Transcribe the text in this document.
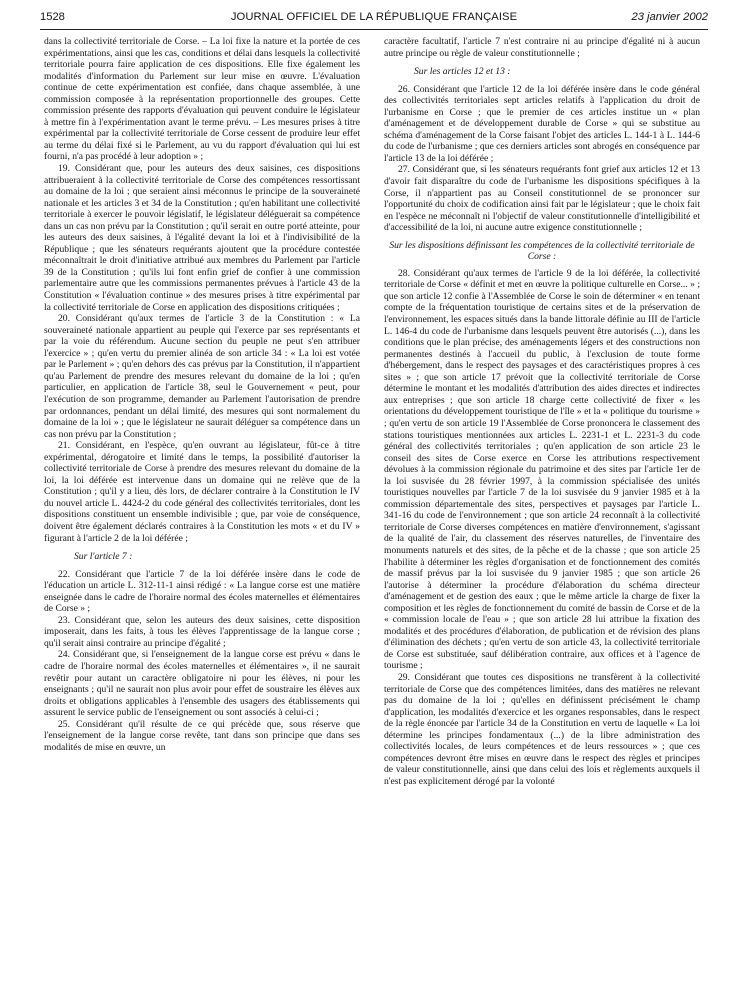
1528	JOURNAL OFFICIEL DE LA RÉPUBLIQUE FRANÇAISE	23 janvier 2002

dans la collectivité territoriale de Corse. – La loi fixe la nature et la portée de ces expérimentations, ainsi que les cas, conditions et délai dans lesquels la collectivité territoriale pourra faire application de ces dispositions. Elle fixe également les modalités d'information du Parlement sur leur mise en œuvre. L'évaluation continue de cette expérimentation est confiée, dans chaque assemblée, à une commission composée à la représentation proportionnelle des groupes. Cette commission présente des rapports d'évaluation qui peuvent conduire le législateur à mettre fin à l'expérimentation avant le terme prévu. – Les mesures prises à titre expérimental par la collectivité territoriale de Corse cessent de produire leur effet au terme du délai fixé si le Parlement, au vu du rapport d'évaluation qui lui est fourni, n'a pas procédé à leur adoption » ;

19. Considérant que, pour les auteurs des deux saisines, ces dispositions attribueraient à la collectivité territoriale de Corse des compétences ressortissant au domaine de la loi ; que seraient ainsi méconnus le principe de la souveraineté nationale et les articles 3 et 34 de la Constitution ; qu'en habilitant une collectivité territoriale à exercer le pouvoir législatif, le législateur déléguerait sa compétence dans un cas non prévu par la Constitution ; qu'il serait en outre porté atteinte, pour les auteurs des deux saisines, à l'égalité devant la loi et à l'indivisibilité de la République ; que les sénateurs requérants ajoutent que la procédure contestée méconnaîtrait le droit d'initiative attribué aux membres du Parlement par l'article 39 de la Constitution ; qu'ils lui font enfin grief de confier à une commission parlementaire autre que les commissions permanentes prévues à l'article 43 de la Constitution « l'évaluation continue » des mesures prises à titre expérimental par la collectivité territoriale de Corse en application des dispositions critiquées ;

20. Considérant qu'aux termes de l'article 3 de la Constitution : « La souveraineté nationale appartient au peuple qui l'exerce par ses représentants et par la voie du référendum. Aucune section du peuple ne peut s'en attribuer l'exercice » ; qu'en vertu du premier alinéa de son article 34 : « La loi est votée par le Parlement » ; qu'en dehors des cas prévus par la Constitution, il n'appartient qu'au Parlement de prendre des mesures relevant du domaine de la loi ; qu'en particulier, en application de l'article 38, seul le Gouvernement « peut, pour l'exécution de son programme, demander au Parlement l'autorisation de prendre par ordonnances, pendant un délai limité, des mesures qui sont normalement du domaine de la loi » ; que le législateur ne saurait déléguer sa compétence dans un cas non prévu par la Constitution ;

21. Considérant, en l'espèce, qu'en ouvrant au législateur, fût-ce à titre expérimental, dérogatoire et limité dans le temps, la possibilité d'autoriser la collectivité territoriale de Corse à prendre des mesures relevant du domaine de la loi, la loi déférée est intervenue dans un domaine qui ne relève que de la Constitution ; qu'il y a lieu, dès lors, de déclarer contraire à la Constitution le IV du nouvel article L. 4424-2 du code général des collectivités territoriales, dont les dispositions constituent un ensemble indivisible ; que, par voie de conséquence, doivent être également déclarés contraires à la Constitution les mots « et du IV » figurant à l'article 2 de la loi déférée ;

Sur l'article 7 :

22. Considérant que l'article 7 de la loi déférée insère dans le code de l'éducation un article L. 312-11-1 ainsi rédigé : « La langue corse est une matière enseignée dans le cadre de l'horaire normal des écoles maternelles et élémentaires de Corse » ;

23. Considérant que, selon les auteurs des deux saisines, cette disposition imposerait, dans les faits, à tous les élèves l'apprentissage de la langue corse ; qu'il serait ainsi contraire au principe d'égalité ;

24. Considérant que, si l'enseignement de la langue corse est prévu « dans le cadre de l'horaire normal des écoles maternelles et élémentaires », il ne saurait revêtir pour autant un caractère obligatoire ni pour les élèves, ni pour les enseignants ; qu'il ne saurait non plus avoir pour effet de soustraire les élèves aux droits et obligations applicables à l'ensemble des usagers des établissements qui assurent le service public de l'enseignement ou sont associés à celui-ci ;

25. Considérant qu'il résulte de ce qui précède que, sous réserve que l'enseignement de la langue corse revête, tant dans son principe que dans ses modalités de mise en œuvre, un

caractère facultatif, l'article 7 n'est contraire ni au principe d'égalité ni à aucun autre principe ou règle de valeur constitutionnelle ;

Sur les articles 12 et 13 :

26. Considérant que l'article 12 de la loi déférée insère dans le code général des collectivités territoriales sept articles relatifs à l'application du droit de l'urbanisme en Corse ; que le premier de ces articles institue un « plan d'aménagement et de développement durable de Corse » qui se substitue au schéma d'aménagement de la Corse faisant l'objet des articles L. 144-1 à L. 144-6 du code de l'urbanisme ; que ces derniers articles sont abrogés en conséquence par l'article 13 de la loi déférée ;

27. Considérant que, si les sénateurs requérants font grief aux articles 12 et 13 d'avoir fait disparaître du code de l'urbanisme les dispositions spécifiques à la Corse, il n'appartient pas au Conseil constitutionnel de se prononcer sur l'opportunité du choix de codification ainsi fait par le législateur ; que le choix fait en l'espèce ne méconnaît ni l'objectif de valeur constitutionnelle d'intelligibilité et d'accessibilité de la loi, ni aucune autre exigence constitutionnelle ;

Sur les dispositions définissant les compétences de la collectivité territoriale de Corse :

28. Considérant qu'aux termes de l'article 9 de la loi déférée, la collectivité territoriale de Corse « définit et met en œuvre la politique culturelle en Corse... » ; que son article 12 confie à l'Assemblée de Corse le soin de déterminer « en tenant compte de la fréquentation touristique de certains sites et de la préservation de l'environnement, les espaces situés dans la bande littorale définie au III de l'article L. 146-4 du code de l'urbanisme dans lesquels peuvent être autorisés (...), dans les conditions que le plan précise, des aménagements légers et des constructions non permanentes destinés à l'accueil du public, à l'exclusion de toute forme d'hébergement, dans le respect des paysages et des caractéristiques propres à ces sites » ; que son article 17 prévoit que la collectivité territoriale de Corse détermine le montant et les modalités d'attribution des aides directes et indirectes aux entreprises ; que son article 18 charge cette collectivité de fixer « les orientations du développement touristique de l'île » et la « politique du tourisme » ; qu'en vertu de son article 19 l'Assemblée de Corse prononcera le classement des stations touristiques mentionnées aux articles L. 2231-1 et L. 2231-3 du code général des collectivités territoriales ; qu'en application de son article 23 le conseil des sites de Corse exerce en Corse les attributions respectivement dévolues à la commission régionale du patrimoine et des sites par l'article 1er de la loi susvisée du 28 février 1997, à la commission spécialisée des unités touristiques nouvelles par l'article 7 de la loi susvisée du 9 janvier 1985 et à la commission départementale des sites, perspectives et paysages par l'article L. 341-16 du code de l'environnement ; que son article 24 reconnaît à la collectivité territoriale de Corse diverses compétences en matière d'environnement, s'agissant de la qualité de l'air, du classement des réserves naturelles, de l'inventaire des monuments naturels et des sites, de la pêche et de la chasse ; que son article 25 l'habilite à déterminer les règles d'organisation et de fonctionnement des comités de massif prévus par la loi susvisée du 9 janvier 1985 ; que son article 26 l'autorise à déterminer la procédure d'élaboration du schéma directeur d'aménagement et de gestion des eaux ; que le même article la charge de fixer la composition et les règles de fonctionnement du comité de bassin de Corse et de la « commission locale de l'eau » ; que son article 28 lui attribue la fixation des modalités et des procédures d'élaboration, de publication et de révision des plans d'élimination des déchets ; qu'en vertu de son article 43, la collectivité territoriale de Corse est substituée, sauf délibération contraire, aux offices et à l'agence de tourisme ;

29. Considérant que toutes ces dispositions ne transfèrent à la collectivité territoriale de Corse que des compétences limitées, dans des matières ne relevant pas du domaine de la loi ; qu'elles en définissent précisément le champ d'application, les modalités d'exercice et les organes responsables, dans le respect de la règle énoncée par l'article 34 de la Constitution en vertu de laquelle « La loi détermine les principes fondamentaux (...) de la libre administration des collectivités locales, de leurs compétences et de leurs ressources » ; que ces compétences devront être mises en œuvre dans le respect des règles et principes de valeur constitutionnelle, ainsi que dans celui des lois et règlements auxquels il n'est pas explicitement dérogé par la volonté
